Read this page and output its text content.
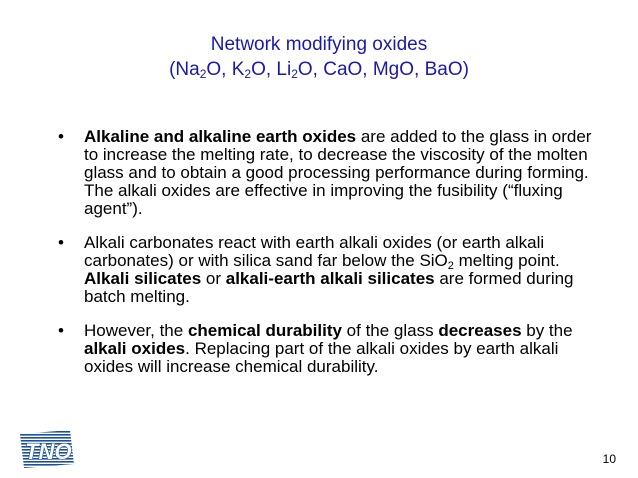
Network modifying oxides
($Na_2O$, $K_2O$, $Li_2O$, CaO, MgO, BaO)
• Alkaline and alkaline earth oxides are added to the glass in order to increase the melting rate, to decrease the viscosity of the molten glass and to obtain a good processing performance during forming. The alkali oxides are effective in improving the fusibility (“fluxing agent”).
• Alkali carbonates react with earth alkali oxides (or earth alkali carbonates) or with silica sand far below the SiO$_2$ melting point. Alkali silicates or alkali-earth alkali silicates are formed during batch melting.
• However, the chemical durability of the glass decreases by the alkali oxides. Replacing part of the alkali oxides by earth alkali oxides will increase chemical durability.
TNO	10
